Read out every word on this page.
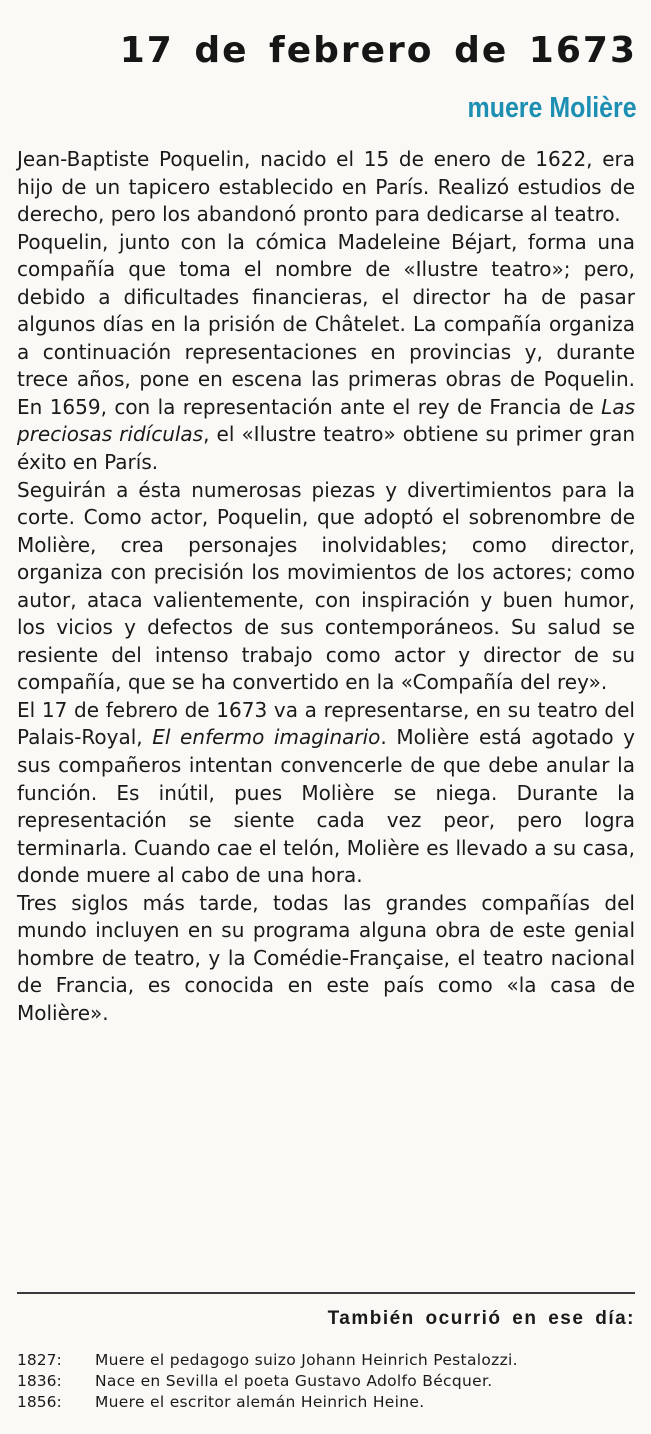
17 de febrero de 1673
muere Molière

Jean-Baptiste Poquelin, nacido el 15 de enero de 1622, era hijo de un tapicero establecido en París. Realizó estudios de derecho, pero los abandonó pronto para dedicarse al teatro.

Poquelin, junto con la cómica Madeleine Béjart, forma una compañía que toma el nombre de «Ilustre teatro»; pero, debido a dificultades financieras, el director ha de pasar algunos días en la prisión de Châtelet. La compañía organiza a continuación representaciones en provincias y, durante trece años, pone en escena las primeras obras de Poquelin. En 1659, con la representación ante el rey de Francia de Las preciosas ridículas, el «Ilustre teatro» obtiene su primer gran éxito en París.

Seguirán a ésta numerosas piezas y divertimientos para la corte. Como actor, Poquelin, que adoptó el sobrenombre de Molière, crea personajes inolvidables; como director, organiza con precisión los movimientos de los actores; como autor, ataca valientemente, con inspiración y buen humor, los vicios y defectos de sus contemporáneos. Su salud se resiente del intenso trabajo como actor y director de su compañía, que se ha convertido en la «Compañía del rey».

El 17 de febrero de 1673 va a representarse, en su teatro del Palais-Royal, El enfermo imaginario. Molière está agotado y sus compañeros intentan convencerle de que debe anular la función. Es inútil, pues Molière se niega. Durante la representación se siente cada vez peor, pero logra terminarla. Cuando cae el telón, Molière es llevado a su casa, donde muere al cabo de una hora.

Tres siglos más tarde, todas las grandes compañías del mundo incluyen en su programa alguna obra de este genial hombre de teatro, y la Comédie-Française, el teatro nacional de Francia, es conocida en este país como «la casa de Molière».

También ocurrió en ese día:
1827:	Muere el pedagogo suizo Johann Heinrich Pestalozzi.
1836:	Nace en Sevilla el poeta Gustavo Adolfo Bécquer.
1856:	Muere el escritor alemán Heinrich Heine.
